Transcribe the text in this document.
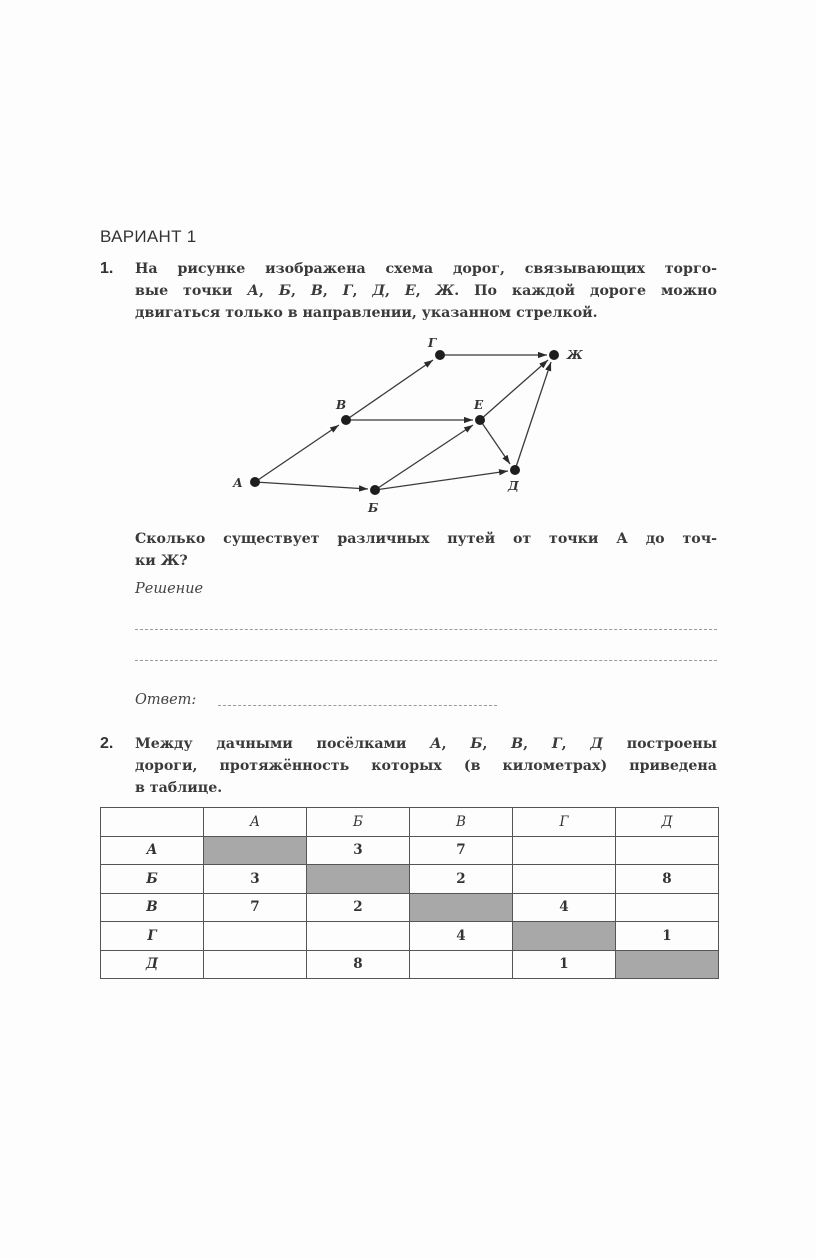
ВАРИАНТ 1
1. На рисунке изображена схема дорог, связывающих торго-
вые точки А, Б, В, Г, Д, Е, Ж. По каждой дороге можно
двигаться только в направлении, указанном стрелкой.
А
Б
В
Г
Д
Е
Ж
Сколько существует различных путей от точки А до точ-
ки Ж?
Решение
Ответ:
2. Между дачными посёлками А, Б, В, Г, Д построены
дороги, протяжённость которых (в километрах) приведена
в таблице.
	А	Б	В	Г	Д
А		3	7		
Б	3		2		8
В	7	2		4	
Г			4		1
Д		8		1	
